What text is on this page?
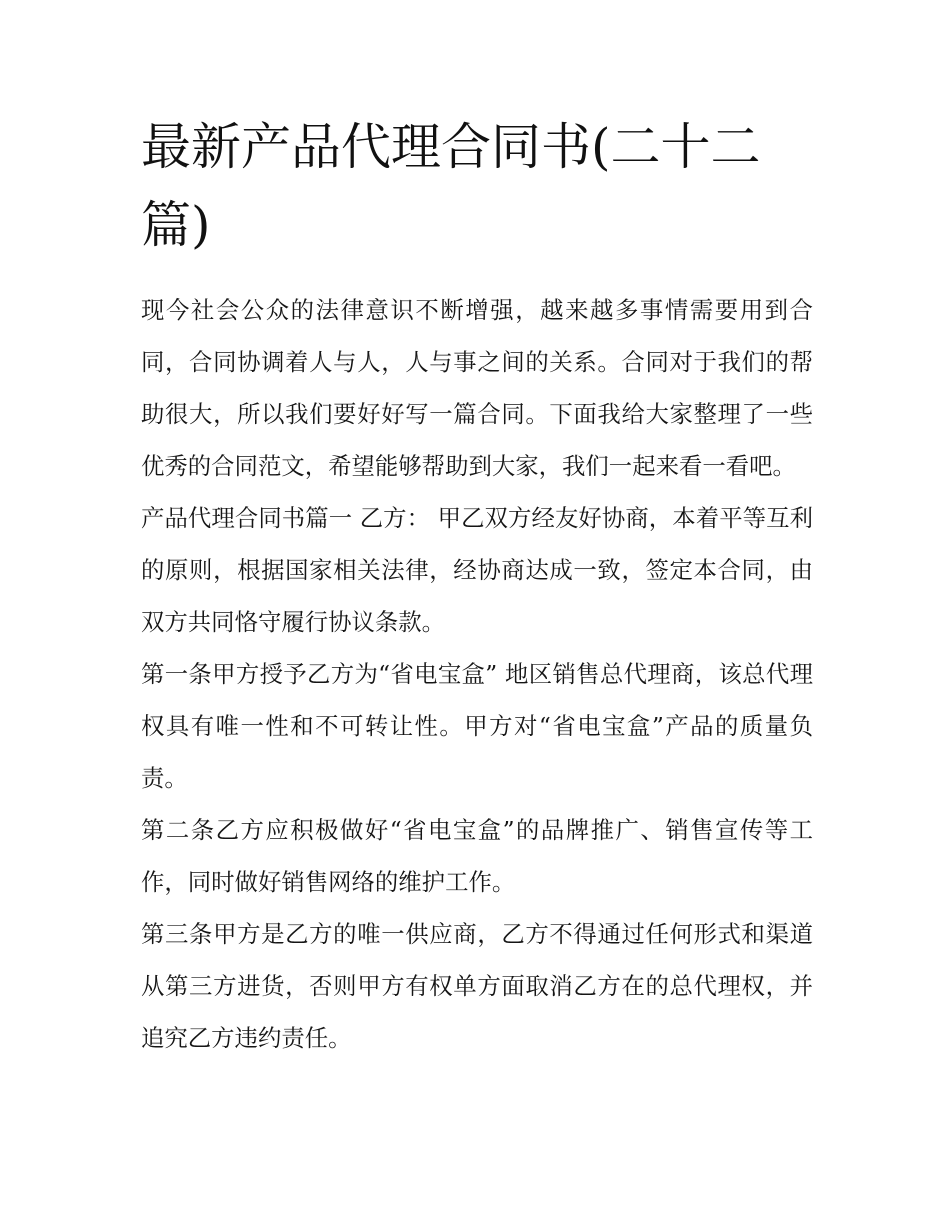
最新产品代理合同书(二十二篇)

现今社会公众的法律意识不断增强，越来越多事情需要用到合同，合同协调着人与人，人与事之间的关系。合同对于我们的帮助很大，所以我们要好好写一篇合同。下面我给大家整理了一些优秀的合同范文，希望能够帮助到大家，我们一起来看一看吧。

产品代理合同书篇一 乙方： 甲乙双方经友好协商，本着平等互利的原则，根据国家相关法律，经协商达成一致，签定本合同，由双方共同恪守履行协议条款。

第一条甲方授予乙方为“省电宝盒” 地区销售总代理商，该总代理权具有唯一性和不可转让性。甲方对“省电宝盒”产品的质量负责。

第二条乙方应积极做好“省电宝盒”的品牌推广、销售宣传等工作，同时做好销售网络的维护工作。

第三条甲方是乙方的唯一供应商，乙方不得通过任何形式和渠道从第三方进货，否则甲方有权单方面取消乙方在的总代理权，并追究乙方违约责任。
